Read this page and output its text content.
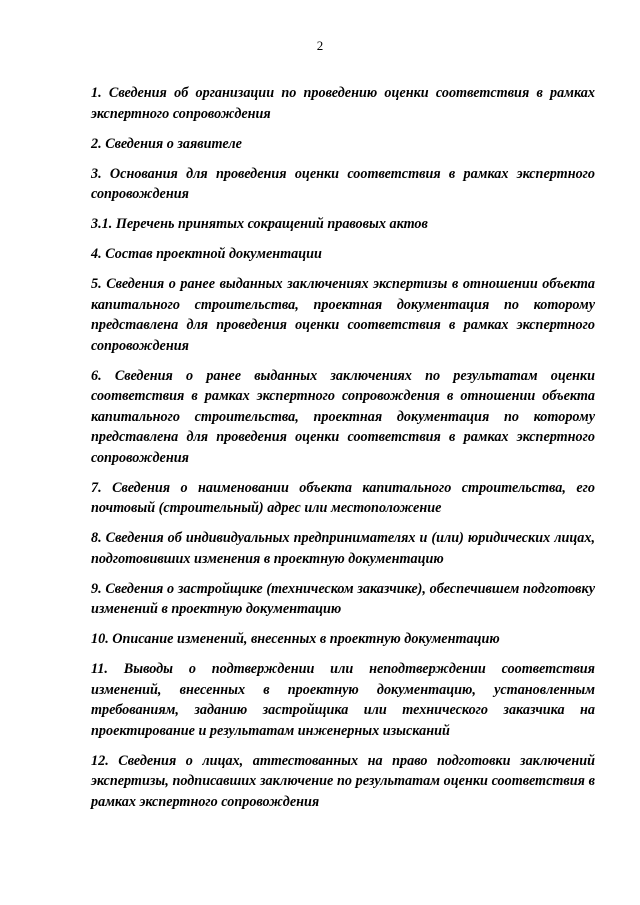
2
1. Сведения об организации по проведению оценки соответствия в рамках экспертного сопровождения
2. Сведения о заявителе
3. Основания для проведения оценки соответствия в рамках экспертного сопровождения
3.1. Перечень принятых сокращений правовых актов
4. Состав проектной документации
5. Сведения о ранее выданных заключениях экспертизы в отношении объекта капитального строительства, проектная документация по которому представлена для проведения оценки соответствия в рамках экспертного сопровождения
6. Сведения о ранее выданных заключениях по результатам оценки соответствия в рамках экспертного сопровождения в отношении объекта капитального строительства, проектная документация по которому представлена для проведения оценки соответствия в рамках экспертного сопровождения
7. Сведения о наименовании объекта капитального строительства, его почтовый (строительный) адрес или местоположение
8. Сведения об индивидуальных предпринимателях и (или) юридических лицах, подготовивших изменения в проектную документацию
9. Сведения о застройщике (техническом заказчике), обеспечившем подготовку изменений в проектную документацию
10. Описание изменений, внесенных в проектную документацию
11. Выводы о подтверждении или неподтверждении соответствия изменений, внесенных в проектную документацию, установленным требованиям, заданию застройщика или технического заказчика на проектирование и результатам инженерных изысканий
12. Сведения о лицах, аттестованных на право подготовки заключений экспертизы, подписавших заключение по результатам оценки соответствия в рамках экспертного сопровождения
